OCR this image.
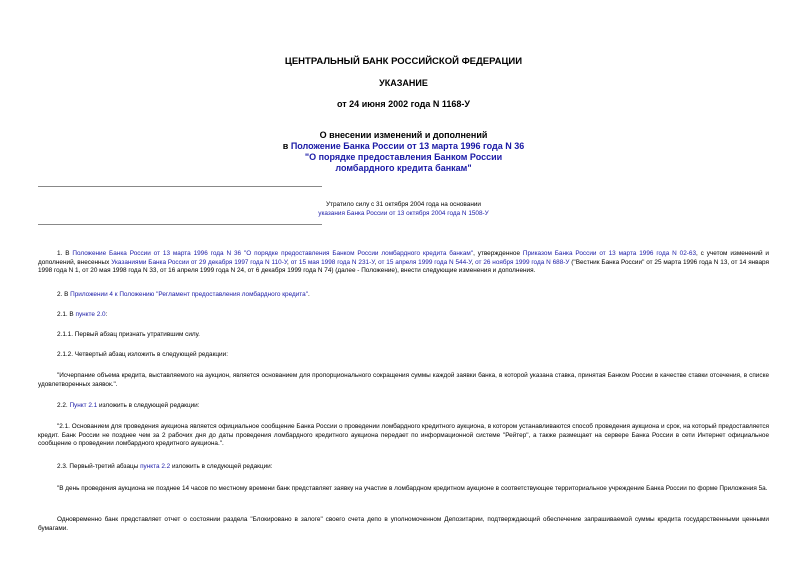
ЦЕНТРАЛЬНЫЙ БАНК РОССИЙСКОЙ ФЕДЕРАЦИИ
УКАЗАНИЕ
от 24 июня 2002 года N 1168-У
О внесении изменений и дополнений
в Положение Банка России от 13 марта 1996 года N 36
"О порядке предоставления Банком России
ломбардного кредита банкам"
Утратило силу с 31 октября 2004 года на основании
указания Банка России от 13 октября 2004 года N 1508-У
1. В Положение Банка России от 13 марта 1996 года N 36 "О порядке предоставления Банком России ломбардного кредита банкам", утвержденное Приказом Банка России от 13 марта 1996 года N 02-63, с учетом изменений и дополнений, внесенных Указаниями Банка России от 29 декабря 1997 года N 110-У, от 15 мая 1998 года N 231-У, от 15 апреля 1999 года N 544-У, от 26 ноября 1999 года N 688-У ("Вестник Банка России" от 25 марта 1996 года N 13, от 14 января 1998 года N 1, от 20 мая 1998 года N 33, от 16 апреля 1999 года N 24, от 6 декабря 1999 года N 74) (далее - Положение), внести следующие изменения и дополнения.
2. В Приложении 4 к Положению "Регламент предоставления ломбардного кредита".
2.1. В пункте 2.0:
2.1.1. Первый абзац признать утратившим силу.
2.1.2. Четвертый абзац изложить в следующей редакции:
"Исчерпание объема кредита, выставляемого на аукцион, является основанием для пропорционального сокращения суммы каждой заявки банка, в которой указана ставка, принятая Банком России в качестве ставки отсечения, в списке удовлетворенных заявок.".
2.2. Пункт 2.1 изложить в следующей редакции:
"2.1. Основанием для проведения аукциона является официальное сообщение Банка России о проведении ломбардного кредитного аукциона, в котором устанавливаются способ проведения аукциона и срок, на который предоставляется кредит. Банк России не позднее чем за 2 рабочих дня до даты проведения ломбардного кредитного аукциона передает по информационной системе "Рейтер", а также размещает на сервере Банка России в сети Интернет официальное сообщение о проведении ломбардного кредитного аукциона.".
2.3. Первый-третий абзацы пункта 2.2 изложить в следующей редакции:
"В день проведения аукциона не позднее 14 часов по местному времени банк представляет заявку на участие в ломбардном кредитном аукционе в соответствующее территориальное учреждение Банка России по форме Приложения 5а.
Одновременно банк представляет отчет о состоянии раздела "Блокировано в залоге" своего счета депо в уполномоченном Депозитарии, подтверждающий обеспечение запрашиваемой суммы кредита государственными ценными бумагами.
